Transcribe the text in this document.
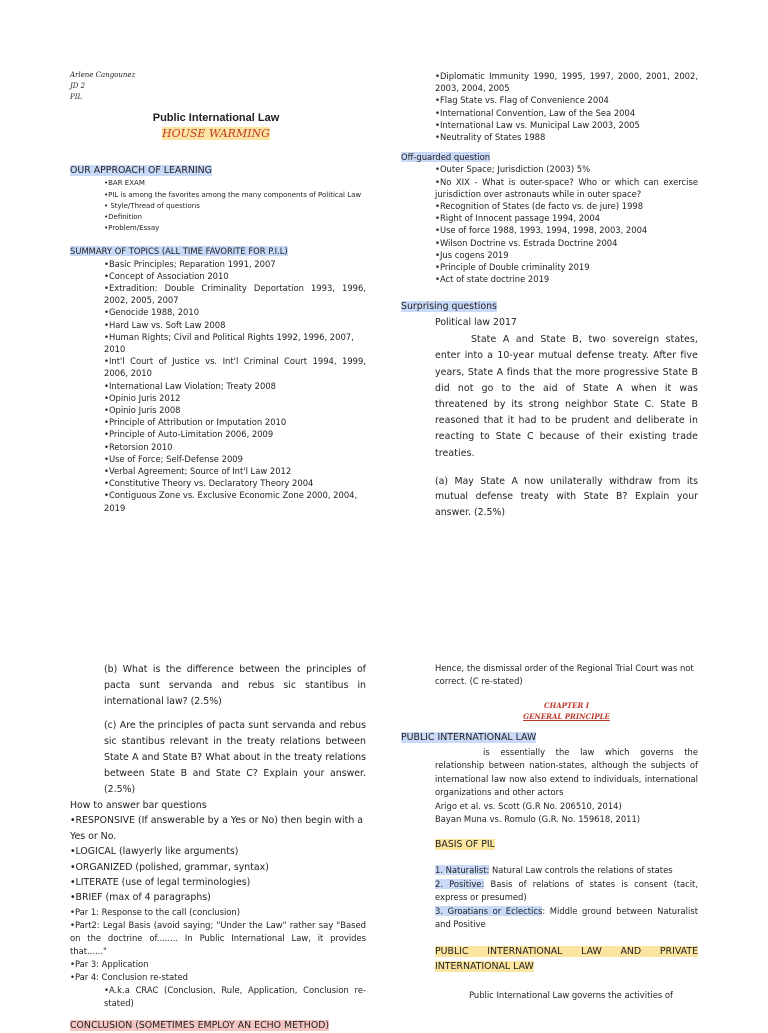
Arlene Cangounez

JD 2

PIL

Public International Law

HOUSE WARMING

OUR APPROACH OF LEARNING

•BAR EXAM

•PIL is among the favorites among the many components of Political Law

• Style/Thread of questions

•Definition

•Problem/Essay

SUMMARY OF TOPICS (ALL TIME FAVORITE FOR P.I.L)

•Basic Principles; Reparation 1991, 2007

•Concept of Association 2010

•Extradition: Double Criminality Deportation 1993, 1996, 2002, 2005, 2007

•Genocide 1988, 2010

•Hard Law vs. Soft Law 2008

•Human Rights; Civil and Political Rights 1992, 1996, 2007, 2010

•Int'l Court of Justice vs. Int'l Criminal Court 1994, 1999, 2006, 2010

•International Law Violation; Treaty 2008

•Opinio Juris 2012

•Opinio Juris 2008

•Principle of Attribution or Imputation 2010

•Principle of Auto-Limitation 2006, 2009

•Retorsion 2010

•Use of Force; Self-Defense 2009

•Verbal Agreement; Source of Int'l Law 2012

•Constitutive Theory vs. Declaratory Theory 2004

•Contiguous Zone vs. Exclusive Economic Zone 2000, 2004, 2019

•Diplomatic Immunity 1990, 1995, 1997, 2000, 2001, 2002, 2003, 2004, 2005

•Flag State vs. Flag of Convenience 2004

•International Convention, Law of the Sea 2004

•International Law vs. Municipal Law 2003, 2005

•Neutrality of States 1988

Off-guarded question

•Outer Space; Jurisdiction (2003) 5%

•No XIX - What is outer-space? Who or which can exercise jurisdiction over astronauts while in outer space?

•Recognition of States (de facto vs. de jure) 1998

•Right of Innocent passage 1994, 2004

•Use of force 1988, 1993, 1994, 1998, 2003, 2004

•Wilson Doctrine vs. Estrada Doctrine 2004

•Jus cogens 2019

•Principle of Double criminality 2019

•Act of state doctrine 2019

Surprising questions

Political law 2017

State A and State B, two sovereign states, enter into a 10-year mutual defense treaty. After five years, State A finds that the more progressive State B did not go to the aid of State A when it was threatened by its strong neighbor State C. State B reasoned that it had to be prudent and deliberate in reacting to State C because of their existing trade treaties.

(a) May State A now unilaterally withdraw from its mutual defense treaty with State B? Explain your answer. (2.5%)

(b) What is the difference between the principles of pacta sunt servanda and rebus sic stantibus in international law? (2.5%)

(c) Are the principles of pacta sunt servanda and rebus sic stantibus relevant in the treaty relations between State A and State B? What about in the treaty relations between State B and State C? Explain your answer. (2.5%)

How to answer bar questions

•RESPONSIVE (If answerable by a Yes or No) then begin with a Yes or No.

•LOGICAL (lawyerly like arguments)

•ORGANIZED (polished, grammar, syntax)

•LITERATE (use of legal terminologies)

•BRIEF (max of 4 paragraphs)

•Par 1: Response to the call (conclusion)

•Part2: Legal Basis (avoid saying; "Under the Law" rather say "Based on the doctrine of........ In Public International Law, it provides that......"

•Par 3: Application

•Par 4: Conclusion re-stated

•A.k.a CRAC (Conclusion, Rule, Application, Conclusion re-stated)

CONCLUSION (SOMETIMES EMPLOY AN ECHO METHOD)

Hence, the dismissal order of the Regional Trial Court was not correct. (C re-stated)

CHAPTER I

GENERAL PRINCIPLE

PUBLIC INTERNATIONAL LAW

is essentially the law which governs the relationship between nation-states, although the subjects of international law now also extend to individuals, international organizations and other actors

Arigo et al. vs. Scott (G.R No. 206510, 2014)

Bayan Muna vs. Romulo (G.R. No. 159618, 2011)

BASIS OF PIL

1. Naturalist: Natural Law controls the relations of states

2. Positive: Basis of relations of states is consent (tacit, express or presumed)

3. Groatians or Eclectics: Middle ground between Naturalist and Positive

PUBLIC INTERNATIONAL LAW AND PRIVATE INTERNATIONAL LAW

Public International Law governs the activities of
